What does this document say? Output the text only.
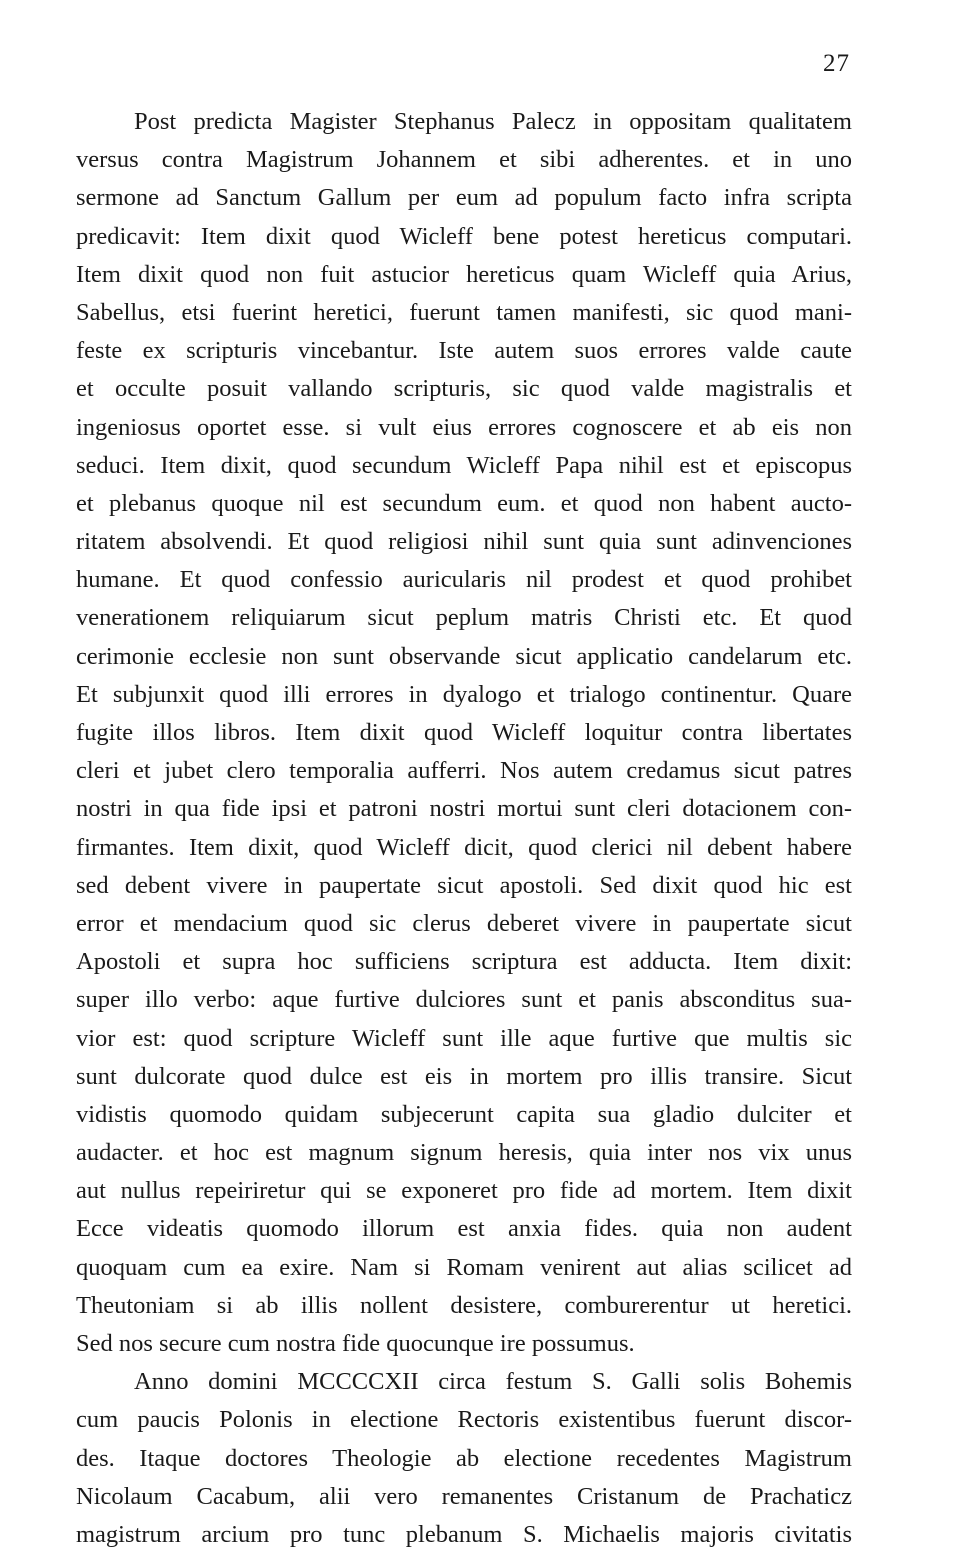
27
Post predicta Magister Stephanus Palecz in oppositam qualitatem
versus contra Magistrum Johannem et sibi adherentes. et in uno
sermone ad Sanctum Gallum per eum ad populum facto infra scripta
predicavit: Item dixit quod Wicleff bene potest hereticus computari.
Item dixit quod non fuit astucior hereticus quam Wicleff quia Arius,
Sabellus, etsi fuerint heretici, fuerunt tamen manifesti, sic quod mani-
feste ex scripturis vincebantur. Iste autem suos errores valde caute
et occulte posuit vallando scripturis, sic quod valde magistralis et
ingeniosus oportet esse. si vult eius errores cognoscere et ab eis non
seduci. Item dixit, quod secundum Wicleff Papa nihil est et episcopus
et plebanus quoque nil est secundum eum. et quod non habent aucto-
ritatem absolvendi. Et quod religiosi nihil sunt quia sunt adinvenciones
humane. Et quod confessio auricularis nil prodest et quod prohibet
venerationem reliquiarum sicut peplum matris Christi etc. Et quod
cerimonie ecclesie non sunt observande sicut applicatio candelarum etc.
Et subjunxit quod illi errores in dyalogo et trialogo continentur. Quare
fugite illos libros. Item dixit quod Wicleff loquitur contra libertates
cleri et jubet clero temporalia aufferri. Nos autem credamus sicut patres
nostri in qua fide ipsi et patroni nostri mortui sunt cleri dotacionem con-
firmantes. Item dixit, quod Wicleff dicit, quod clerici nil debent habere
sed debent vivere in paupertate sicut apostoli. Sed dixit quod hic est
error et mendacium quod sic clerus deberet vivere in paupertate sicut
Apostoli et supra hoc sufficiens scriptura est adducta. Item dixit:
super illo verbo: aque furtive dulciores sunt et panis absconditus sua-
vior est: quod scripture Wicleff sunt ille aque furtive que multis sic
sunt dulcorate quod dulce est eis in mortem pro illis transire. Sicut
vidistis quomodo quidam subjecerunt capita sua gladio dulciter et
audacter. et hoc est magnum signum heresis, quia inter nos vix unus
aut nullus repeiriretur qui se exponeret pro fide ad mortem. Item dixit
Ecce videatis quomodo illorum est anxia fides. quia non audent
quoquam cum ea exire. Nam si Romam venirent aut alias scilicet ad
Theutoniam si ab illis nollent desistere, comburerentur ut heretici.
Sed nos secure cum nostra fide quocunque ire possumus.
Anno domini MCCCCXII circa festum S. Galli solis Bohemis
cum paucis Polonis in electione Rectoris existentibus fuerunt discor-
des. Itaque doctores Theologie ab electione recedentes Magistrum
Nicolaum Cacabum, alii vero remanentes Cristanum de Prachaticz
magistrum arcium pro tunc plebanum S. Michaelis majoris civitatis
